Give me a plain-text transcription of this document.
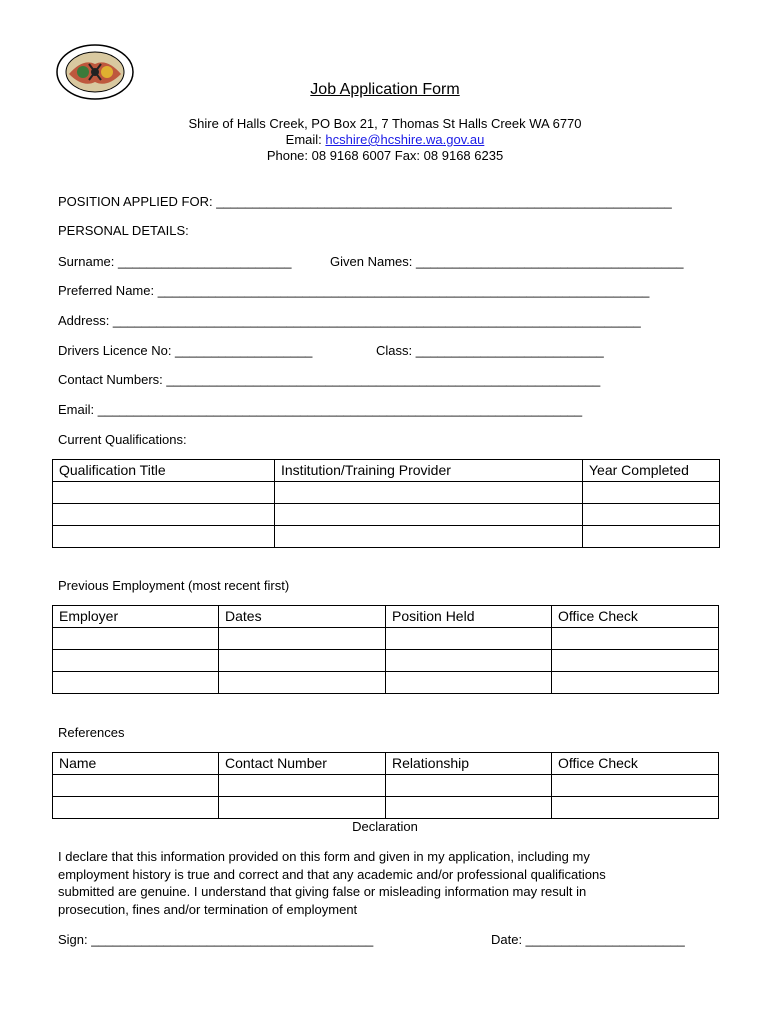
Job Application Form
Shire of Halls Creek, PO Box 21, 7 Thomas St Halls Creek WA 6770
Email: hcshire@hcshire.wa.gov.au
Phone: 08 9168 6007 Fax: 08 9168 6235
POSITION APPLIED FOR: _______________________________________________________________
PERSONAL DETAILS:
Surname: ________________________	Given Names: _____________________________________
Preferred Name: ____________________________________________________________________
Address: _________________________________________________________________________
Drivers Licence No: ___________________	Class: __________________________
Contact Numbers: ____________________________________________________________
Email: ___________________________________________________________________
Current Qualifications:
Qualification Title	Institution/Training Provider	Year Completed

Previous Employment (most recent first)
Employer	Dates	Position Held	Office Check

References
Name	Contact Number	Relationship	Office Check

Declaration
I declare that this information provided on this form and given in my application, including my
employment history is true and correct and that any academic and/or professional qualifications
submitted are genuine. I understand that giving false or misleading information may result in
prosecution, fines and/or termination of employment
Sign: _______________________________________	Date: ______________________
